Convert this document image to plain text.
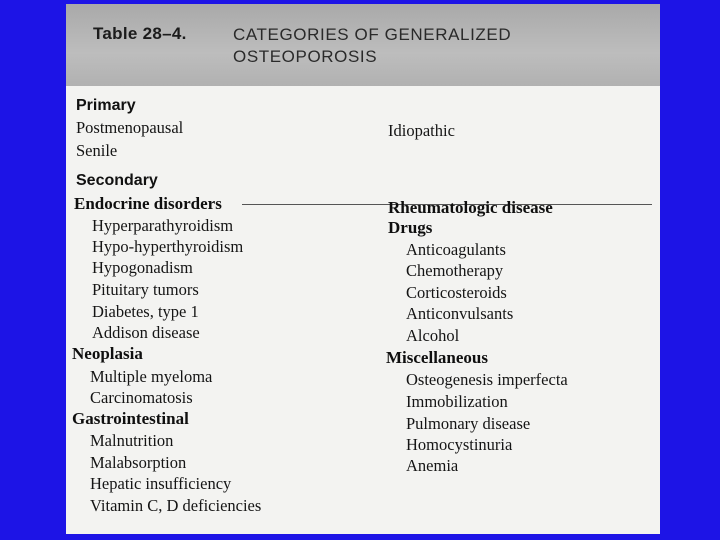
Table 28–4.	CATEGORIES OF GENERALIZED OSTEOPOROSIS
Primary
Postmenopausal
Senile
Idiopathic
Secondary
Endocrine disorders
Hyperparathyroidism
Hypo-hyperthyroidism
Hypogonadism
Pituitary tumors
Diabetes, type 1
Addison disease
Neoplasia
Multiple myeloma
Carcinomatosis
Gastrointestinal
Malnutrition
Malabsorption
Hepatic insufficiency
Vitamin C, D deficiencies
Rheumatologic disease
Drugs
Anticoagulants
Chemotherapy
Corticosteroids
Anticonvulsants
Alcohol
Miscellaneous
Osteogenesis imperfecta
Immobilization
Pulmonary disease
Homocystinuria
Anemia
